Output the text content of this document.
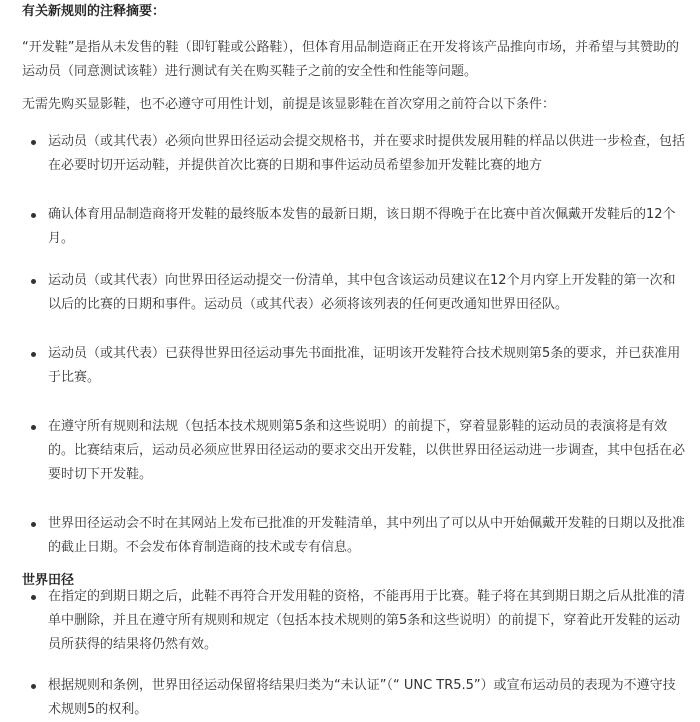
有关新规则的注释摘要：

“开发鞋”是指从未发售的鞋（即钉鞋或公路鞋），但体育用品制造商正在开发将该产品推向市场，并希望与其赞助的运动员（同意测试该鞋）进行测试有关在购买鞋子之前的安全性和性能等问题。

无需先购买显影鞋，也不必遵守可用性计划，前提是该显影鞋在首次穿用之前符合以下条件：

运动员（或其代表）必须向世界田径运动会提交规格书，并在要求时提供发展用鞋的样品以供进一步检查，包括在必要时切开运动鞋，并提供首次比赛的日期和事件运动员希望参加开发鞋比赛的地方
确认体育用品制造商将开发鞋的最终版本发售的最新日期，该日期不得晚于在比赛中首次佩戴开发鞋后的12个月。
运动员（或其代表）向世界田径运动提交一份清单，其中包含该运动员建议在12个月内穿上开发鞋的第一次和以后的比赛的日期和事件。运动员（或其代表）必须将该列表的任何更改通知世界田径队。
运动员（或其代表）已获得世界田径运动事先书面批准，证明该开发鞋符合技术规则第5条的要求，并已获准用于比赛。
在遵守所有规则和法规（包括本技术规则第5条和这些说明）的前提下，穿着显影鞋的运动员的表演将是有效的。比赛结束后，运动员必须应世界田径运动的要求交出开发鞋，以供世界田径运动进一步调查，其中包括在必要时切下开发鞋。
世界田径运动会不时在其网站上发布已批准的开发鞋清单，其中列出了可以从中开始佩戴开发鞋的日期以及批准的截止日期。不会发布体育制造商的技术或专有信息。
在指定的到期日期之后，此鞋不再符合开发用鞋的资格，不能再用于比赛。鞋子将在其到期日期之后从批准的清单中删除，并且在遵守所有规则和规定（包括本技术规则的第5条和这些说明）的前提下，穿着此开发鞋的运动员所获得的结果将仍然有效。
根据规则和条例，世界田径运动保留将结果归类为“未认证”（“ UNC TR5.5”）或宣布运动员的表现为不遵守技术规则5的权利。

世界田径
